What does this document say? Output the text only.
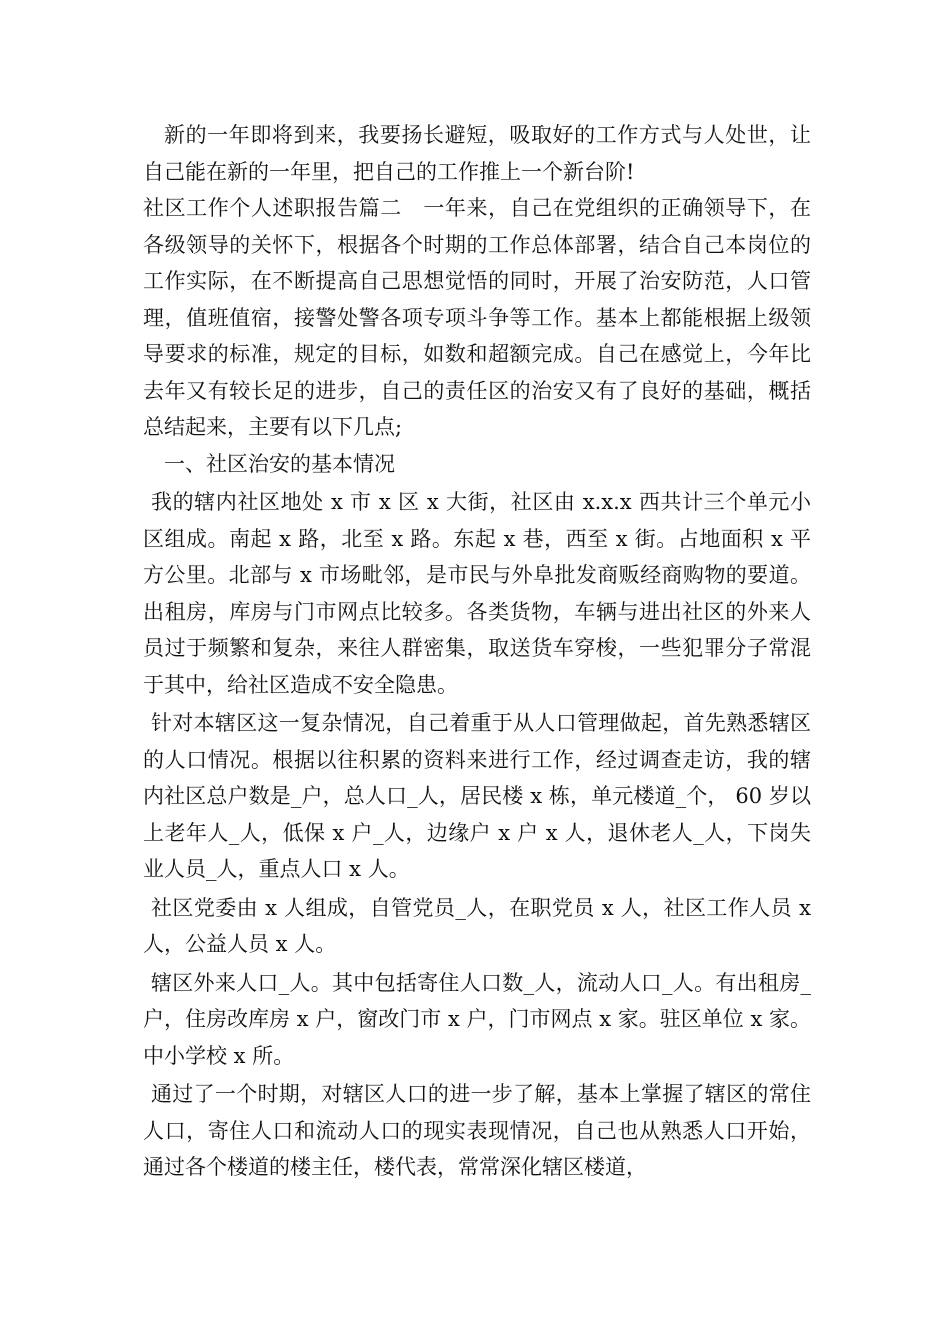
新的一年即将到来，我要扬长避短，吸取好的工作方式与人处世，让自己能在新的一年里，把自己的工作推上一个新台阶!

社区工作个人述职报告篇二　一年来，自己在党组织的正确领导下，在各级领导的关怀下，根据各个时期的工作总体部署，结合自己本岗位的工作实际，在不断提高自己思想觉悟的同时，开展了治安防范，人口管理，值班值宿，接警处警各项专项斗争等工作。基本上都能根据上级领导要求的标准，规定的目标，如数和超额完成。自己在感觉上，今年比去年又有较长足的进步，自己的责任区的治安又有了良好的基础，概括总结起来，主要有以下几点;

一、社区治安的基本情况

我的辖内社区地处 x 市 x 区 x 大街，社区由 x.x.x 西共计三个单元小区组成。南起 x 路，北至 x 路。东起 x 巷，西至 x 街。占地面积 x 平方公里。北部与 x 市场毗邻，是市民与外阜批发商贩经商购物的要道。出租房，库房与门市网点比较多。各类货物，车辆与进出社区的外来人员过于频繁和复杂，来往人群密集，取送货车穿梭，一些犯罪分子常混于其中，给社区造成不安全隐患。

针对本辖区这一复杂情况，自己着重于从人口管理做起，首先熟悉辖区的人口情况。根据以往积累的资料来进行工作，经过调查走访，我的辖内社区总户数是_户，总人口_人，居民楼 x 栋，单元楼道_个， 60 岁以上老年人_人，低保 x 户_人，边缘户 x 户 x 人，退休老人_人，下岗失业人员_人，重点人口 x 人。

社区党委由 x 人组成，自管党员_人，在职党员 x 人，社区工作人员 x 人，公益人员 x 人。

辖区外来人口_人。其中包括寄住人口数_人，流动人口_人。有出租房_户，住房改库房 x 户，窗改门市 x 户，门市网点 x 家。驻区单位 x 家。中小学校 x 所。

通过了一个时期，对辖区人口的进一步了解，基本上掌握了辖区的常住人口，寄住人口和流动人口的现实表现情况，自己也从熟悉人口开始，通过各个楼道的楼主任，楼代表，常常深化辖区楼道，
